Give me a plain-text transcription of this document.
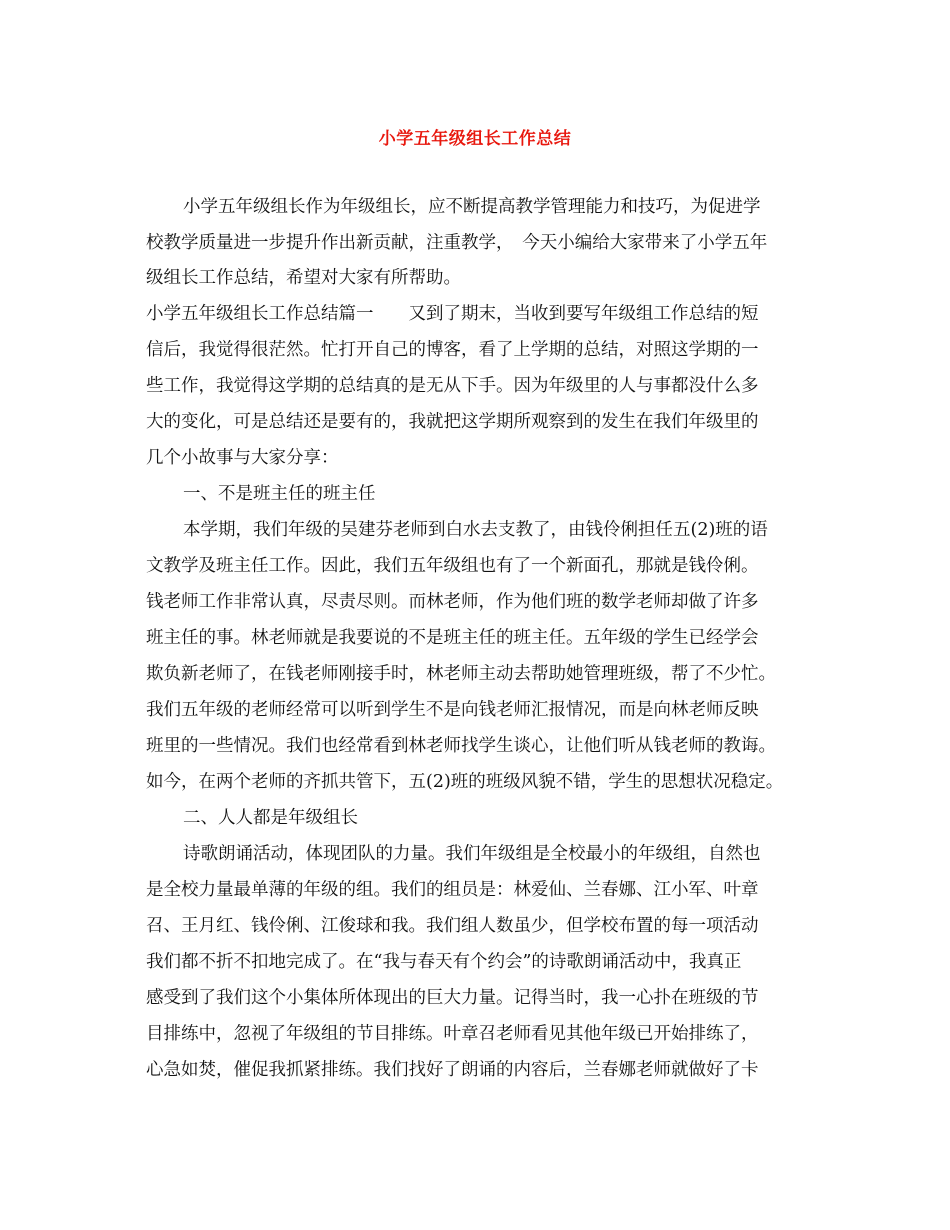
小学五年级组长工作总结
小学五年级组长作为年级组长，应不断提高教学管理能力和技巧，为促进学
校教学质量进一步提升作出新贡献，注重教学，　今天小编给大家带来了小学五年
级组长工作总结，希望对大家有所帮助。
小学五年级组长工作总结篇一　　又到了期末，当收到要写年级组工作总结的短
信后，我觉得很茫然。忙打开自己的博客，看了上学期的总结，对照这学期的一
些工作，我觉得这学期的总结真的是无从下手。因为年级里的人与事都没什么多
大的变化，可是总结还是要有的，我就把这学期所观察到的发生在我们年级里的
几个小故事与大家分享：
一、不是班主任的班主任
本学期，我们年级的吴建芬老师到白水去支教了，由钱伶俐担任五(2)班的语
文教学及班主任工作。因此，我们五年级组也有了一个新面孔，那就是钱伶俐。
钱老师工作非常认真，尽责尽则。而林老师，作为他们班的数学老师却做了许多
班主任的事。林老师就是我要说的不是班主任的班主任。五年级的学生已经学会
欺负新老师了，在钱老师刚接手时，林老师主动去帮助她管理班级，帮了不少忙。
我们五年级的老师经常可以听到学生不是向钱老师汇报情况，而是向林老师反映
班里的一些情况。我们也经常看到林老师找学生谈心，让他们听从钱老师的教诲。
如今，在两个老师的齐抓共管下，五(2)班的班级风貌不错，学生的思想状况稳定。
二、人人都是年级组长
诗歌朗诵活动，体现团队的力量。我们年级组是全校最小的年级组，自然也
是全校力量最单薄的年级的组。我们的组员是：林爱仙、兰春娜、江小军、叶章
召、王月红、钱伶俐、江俊球和我。我们组人数虽少，但学校布置的每一项活动
我们都不折不扣地完成了。在“我与春天有个约会”的诗歌朗诵活动中，我真正
感受到了我们这个小集体所体现出的巨大力量。记得当时，我一心扑在班级的节
目排练中，忽视了年级组的节目排练。叶章召老师看见其他年级已开始排练了，
心急如焚，催促我抓紧排练。我们找好了朗诵的内容后，兰春娜老师就做好了卡
